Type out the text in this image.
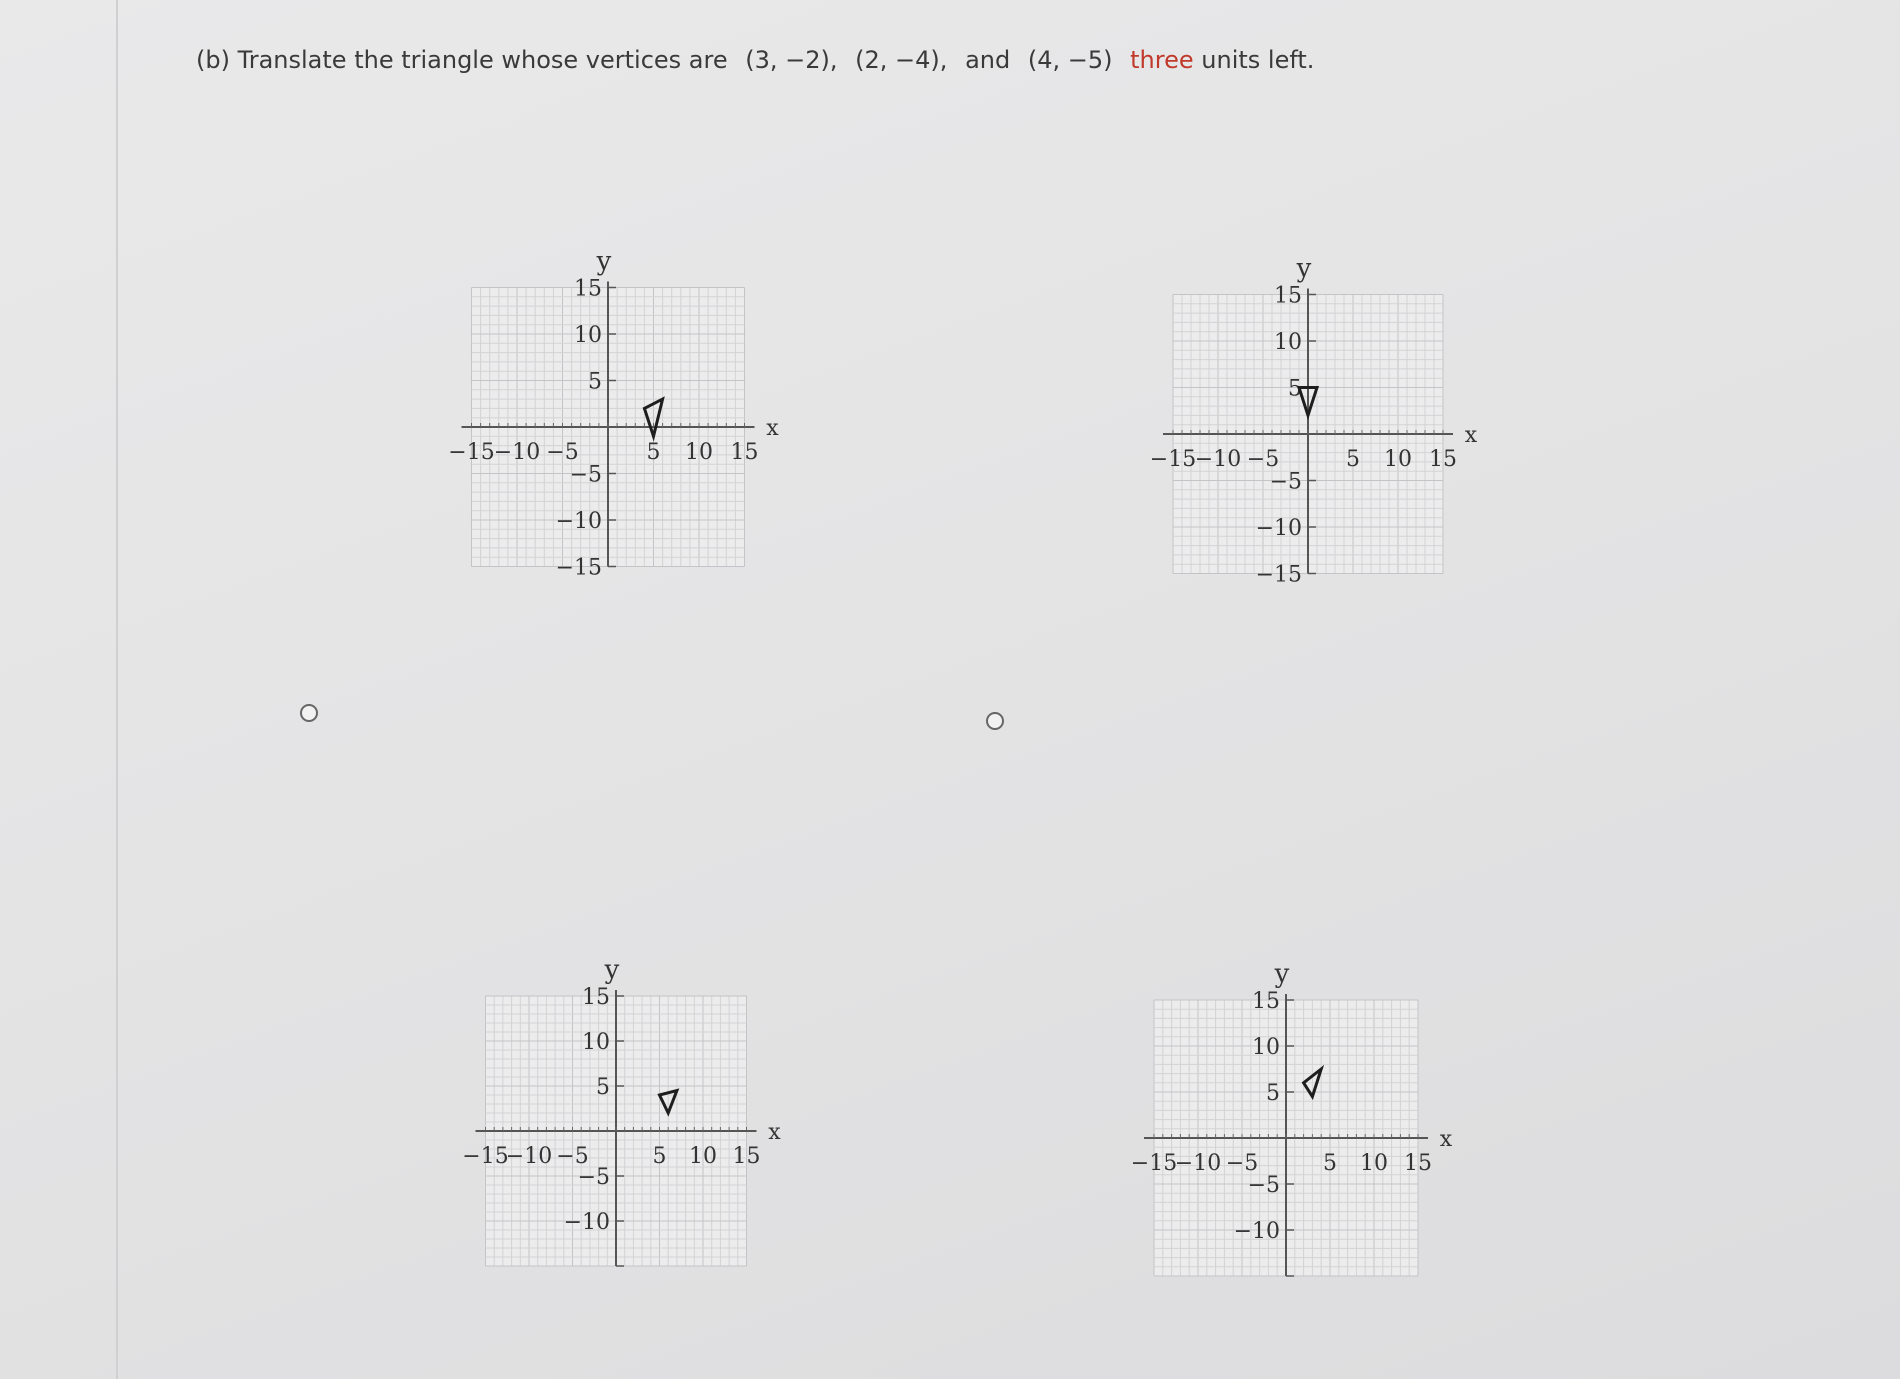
(b) Translate the triangle whose vertices are (3, −2), (2, −4), and (4, −5) three units left.
−15 −10 −5	5 10 15
15
10
5
−5
−10
−15
x
y
−15
−10 −5	5 10 15
15
10
5
−5
−10
−15
x
y
−15
−10 −5	5 10 15
15
10
5
−5
−10
x
y
−15
−10 −5	5 10 15
15
10
5
−5
−10
x
y
